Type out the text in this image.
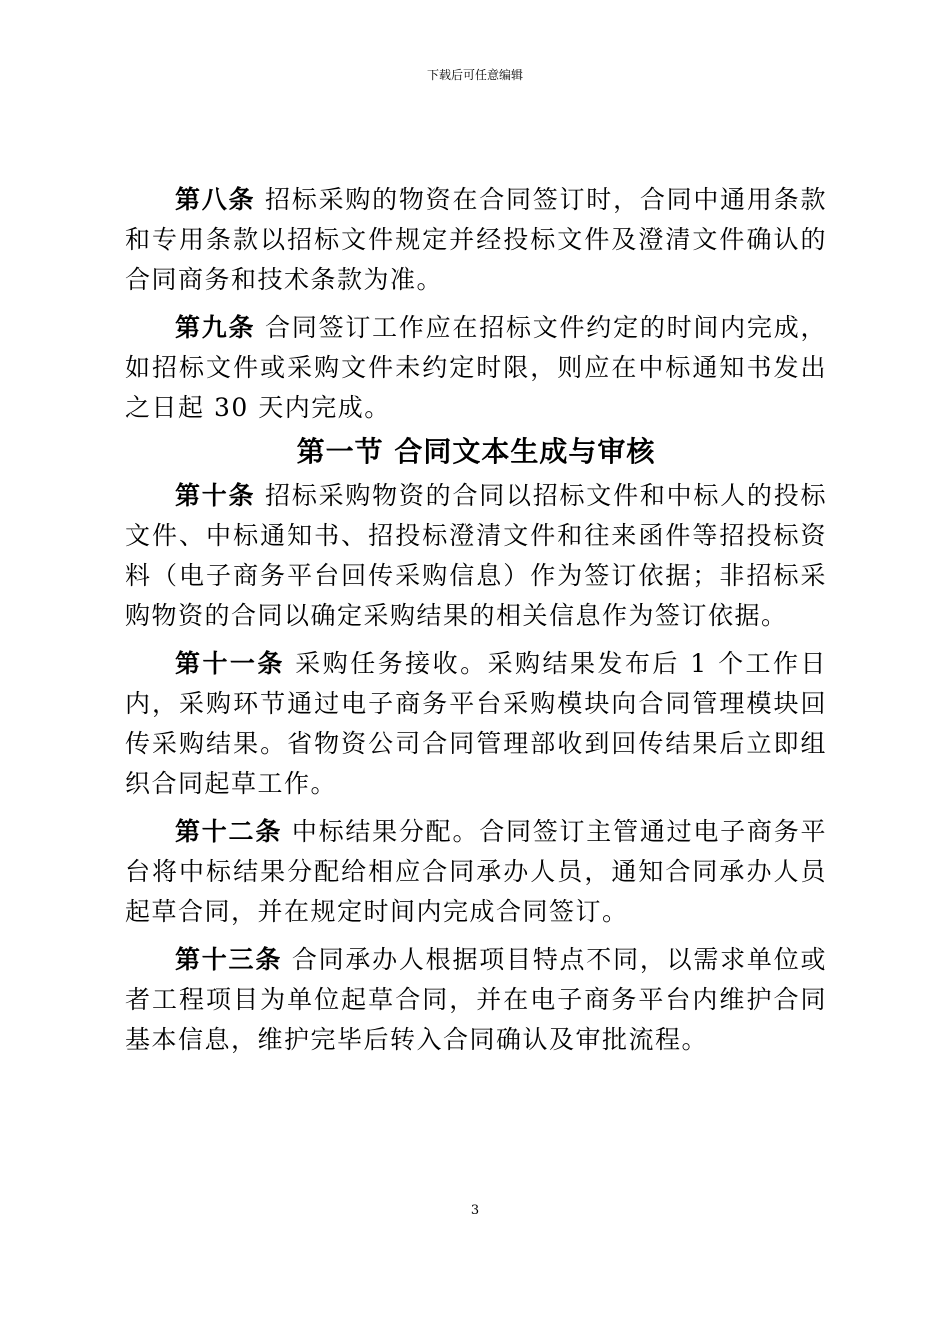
下载后可任意编辑

第八条 招标采购的物资在合同签订时，合同中通用条款和专用条款以招标文件规定并经投标文件及澄清文件确认的合同商务和技术条款为准。

第九条 合同签订工作应在招标文件约定的时间内完成，如招标文件或采购文件未约定时限，则应在中标通知书发出之日起 30 天内完成。

第一节 合同文本生成与审核

第十条 招标采购物资的合同以招标文件和中标人的投标文件、中标通知书、招投标澄清文件和往来函件等招投标资料（电子商务平台回传采购信息）作为签订依据；非招标采购物资的合同以确定采购结果的相关信息作为签订依据。

第十一条 采购任务接收。采购结果发布后 1 个工作日内，采购环节通过电子商务平台采购模块向合同管理模块回传采购结果。省物资公司合同管理部收到回传结果后立即组织合同起草工作。

第十二条 中标结果分配。合同签订主管通过电子商务平台将中标结果分配给相应合同承办人员，通知合同承办人员起草合同，并在规定时间内完成合同签订。

第十三条 合同承办人根据项目特点不同，以需求单位或者工程项目为单位起草合同，并在电子商务平台内维护合同基本信息，维护完毕后转入合同确认及审批流程。

3
